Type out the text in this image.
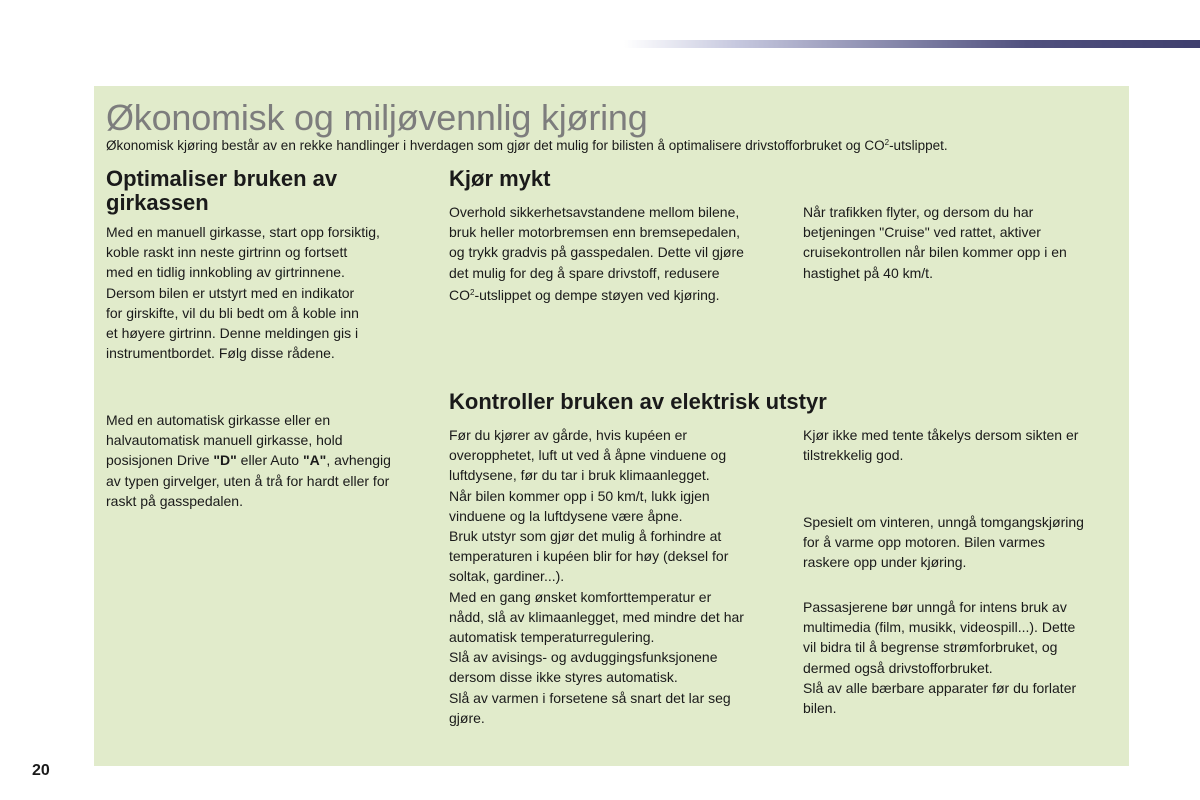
Økonomisk og miljøvennlig kjøring
Økonomisk kjøring består av en rekke handlinger i hverdagen som gjør det mulig for bilisten å optimalisere drivstofforbruket og $CO^2$-utslippet.
Optimaliser bruken av
girkassen

Med en manuell girkasse, start opp forsiktig,

koble raskt inn neste girtrinn og fortsett

med en tidlig innkobling av girtrinnene.

Dersom bilen er utstyrt med en indikator

for girskifte, vil du bli bedt om å koble inn

et høyere girtrinn. Denne meldingen gis i

instrumentbordet. Følg disse rådene.

Med en automatisk girkasse eller en

halvautomatisk manuell girkasse, hold

posisjonen Drive "D" eller Auto "A", avhengig

av typen girvelger, uten å trå for hardt eller for

raskt på gasspedalen.

Kjør mykt

Overhold sikkerhetsavstandene mellom bilene,

bruk heller motorbremsen enn bremsepedalen,

og trykk gradvis på gasspedalen. Dette vil gjøre

det mulig for deg å spare drivstoff, redusere

$CO^2$-utslippet og dempe støyen ved kjøring.

Når trafikken flyter, og dersom du har

betjeningen "Cruise" ved rattet, aktiver

cruisekontrollen når bilen kommer opp i en

hastighet på 40 km/t.

Kontroller bruken av elektrisk utstyr

Før du kjører av gårde, hvis kupéen er

overopphetet, luft ut ved å åpne vinduene og

luftdysene, før du tar i bruk klimaanlegget.

Når bilen kommer opp i 50 km/t, lukk igjen

vinduene og la luftdysene være åpne.

Bruk utstyr som gjør det mulig å forhindre at

temperaturen i kupéen blir for høy (deksel for

soltak, gardiner...).

Med en gang ønsket komforttemperatur er

nådd, slå av klimaanlegget, med mindre det har

automatisk temperaturregulering.

Slå av avisings- og avduggingsfunksjonene

dersom disse ikke styres automatisk.

Slå av varmen i forsetene så snart det lar seg

gjøre.

Kjør ikke med tente tåkelys dersom sikten er

tilstrekkelig god.

Spesielt om vinteren, unngå tomgangskjøring

for å varme opp motoren. Bilen varmes

raskere opp under kjøring.

Passasjerene bør unngå for intens bruk av

multimedia (film, musikk, videospill...). Dette

vil bidra til å begrense strømforbruket, og

dermed også drivstofforbruket.

Slå av alle bærbare apparater før du forlater

bilen.

20
